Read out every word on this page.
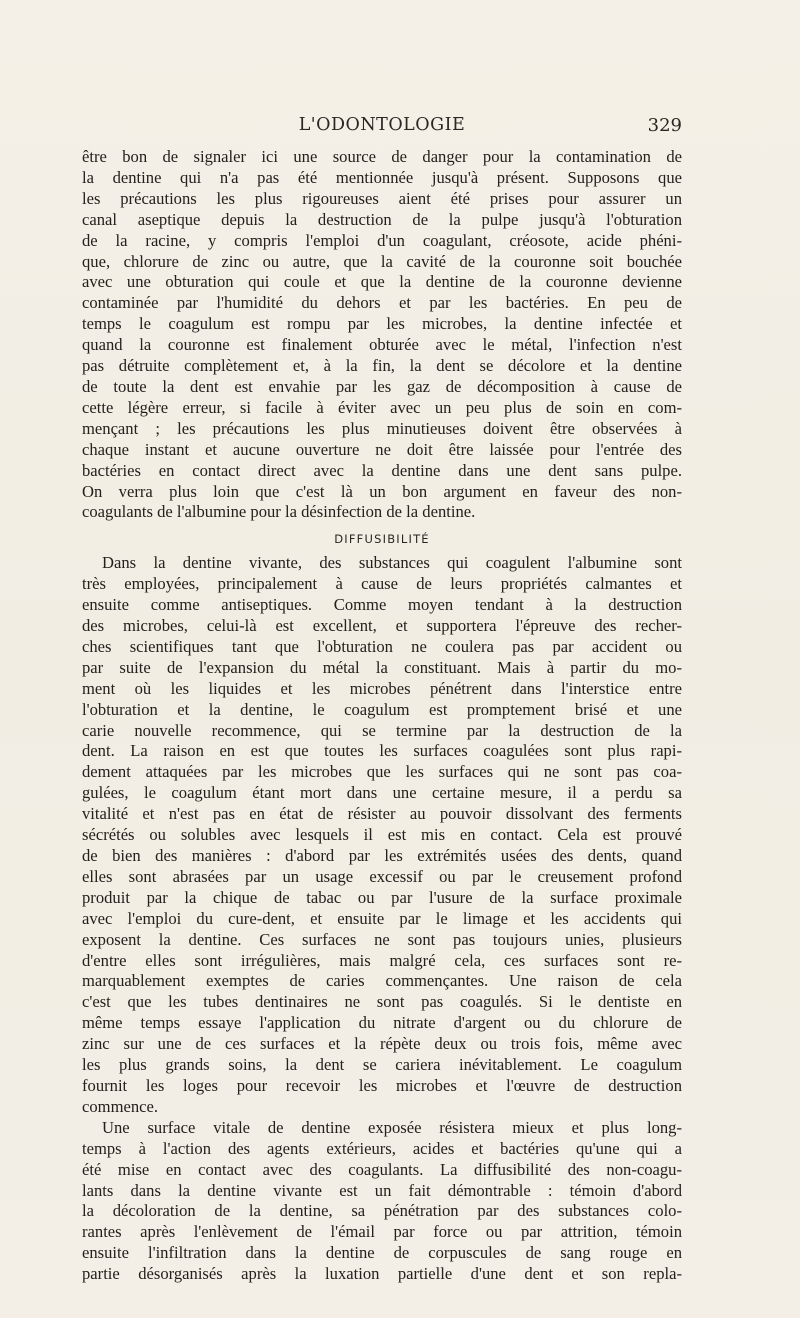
L'ODONTOLOGIE	329
être bon de signaler ici une source de danger pour la contamination de
la dentine qui n'a pas été mentionnée jusqu'à présent. Supposons que
les précautions les plus rigoureuses aient été prises pour assurer un
canal aseptique depuis la destruction de la pulpe jusqu'à l'obturation
de la racine, y compris l'emploi d'un coagulant, créosote, acide phéni-
que, chlorure de zinc ou autre, que la cavité de la couronne soit bouchée
avec une obturation qui coule et que la dentine de la couronne devienne
contaminée par l'humidité du dehors et par les bactéries. En peu de
temps le coagulum est rompu par les microbes, la dentine infectée et
quand la couronne est finalement obturée avec le métal, l'infection n'est
pas détruite complètement et, à la fin, la dent se décolore et la dentine
de toute la dent est envahie par les gaz de décomposition à cause de
cette légère erreur, si facile à éviter avec un peu plus de soin en com-
mençant ; les précautions les plus minutieuses doivent être observées à
chaque instant et aucune ouverture ne doit être laissée pour l'entrée des
bactéries en contact direct avec la dentine dans une dent sans pulpe.
On verra plus loin que c'est là un bon argument en faveur des non-
coagulants de l'albumine pour la désinfection de la dentine.
DIFFUSIBILITÉ
Dans la dentine vivante, des substances qui coagulent l'albumine sont
très employées, principalement à cause de leurs propriétés calmantes et
ensuite comme antiseptiques. Comme moyen tendant à la destruction
des microbes, celui-là est excellent, et supportera l'épreuve des recher-
ches scientifiques tant que l'obturation ne coulera pas par accident ou
par suite de l'expansion du métal la constituant. Mais à partir du mo-
ment où les liquides et les microbes pénétrent dans l'interstice entre
l'obturation et la dentine, le coagulum est promptement brisé et une
carie nouvelle recommence, qui se termine par la destruction de la
dent. La raison en est que toutes les surfaces coagulées sont plus rapi-
dement attaquées par les microbes que les surfaces qui ne sont pas coa-
gulées, le coagulum étant mort dans une certaine mesure, il a perdu sa
vitalité et n'est pas en état de résister au pouvoir dissolvant des ferments
sécrétés ou solubles avec lesquels il est mis en contact. Cela est prouvé
de bien des manières : d'abord par les extrémités usées des dents, quand
elles sont abrasées par un usage excessif ou par le creusement profond
produit par la chique de tabac ou par l'usure de la surface proximale
avec l'emploi du cure-dent, et ensuite par le limage et les accidents qui
exposent la dentine. Ces surfaces ne sont pas toujours unies, plusieurs
d'entre elles sont irrégulières, mais malgré cela, ces surfaces sont re-
marquablement exemptes de caries commençantes. Une raison de cela
c'est que les tubes dentinaires ne sont pas coagulés. Si le dentiste en
même temps essaye l'application du nitrate d'argent ou du chlorure de
zinc sur une de ces surfaces et la répète deux ou trois fois, même avec
les plus grands soins, la dent se cariera inévitablement. Le coagulum
fournit les loges pour recevoir les microbes et l'œuvre de destruction
commence.
Une surface vitale de dentine exposée résistera mieux et plus long-
temps à l'action des agents extérieurs, acides et bactéries qu'une qui a
été mise en contact avec des coagulants. La diffusibilité des non-coagu-
lants dans la dentine vivante est un fait démontrable : témoin d'abord
la décoloration de la dentine, sa pénétration par des substances colo-
rantes après l'enlèvement de l'émail par force ou par attrition, témoin
ensuite l'infiltration dans la dentine de corpuscules de sang rouge en
partie désorganisés après la luxation partielle d'une dent et son repla-
